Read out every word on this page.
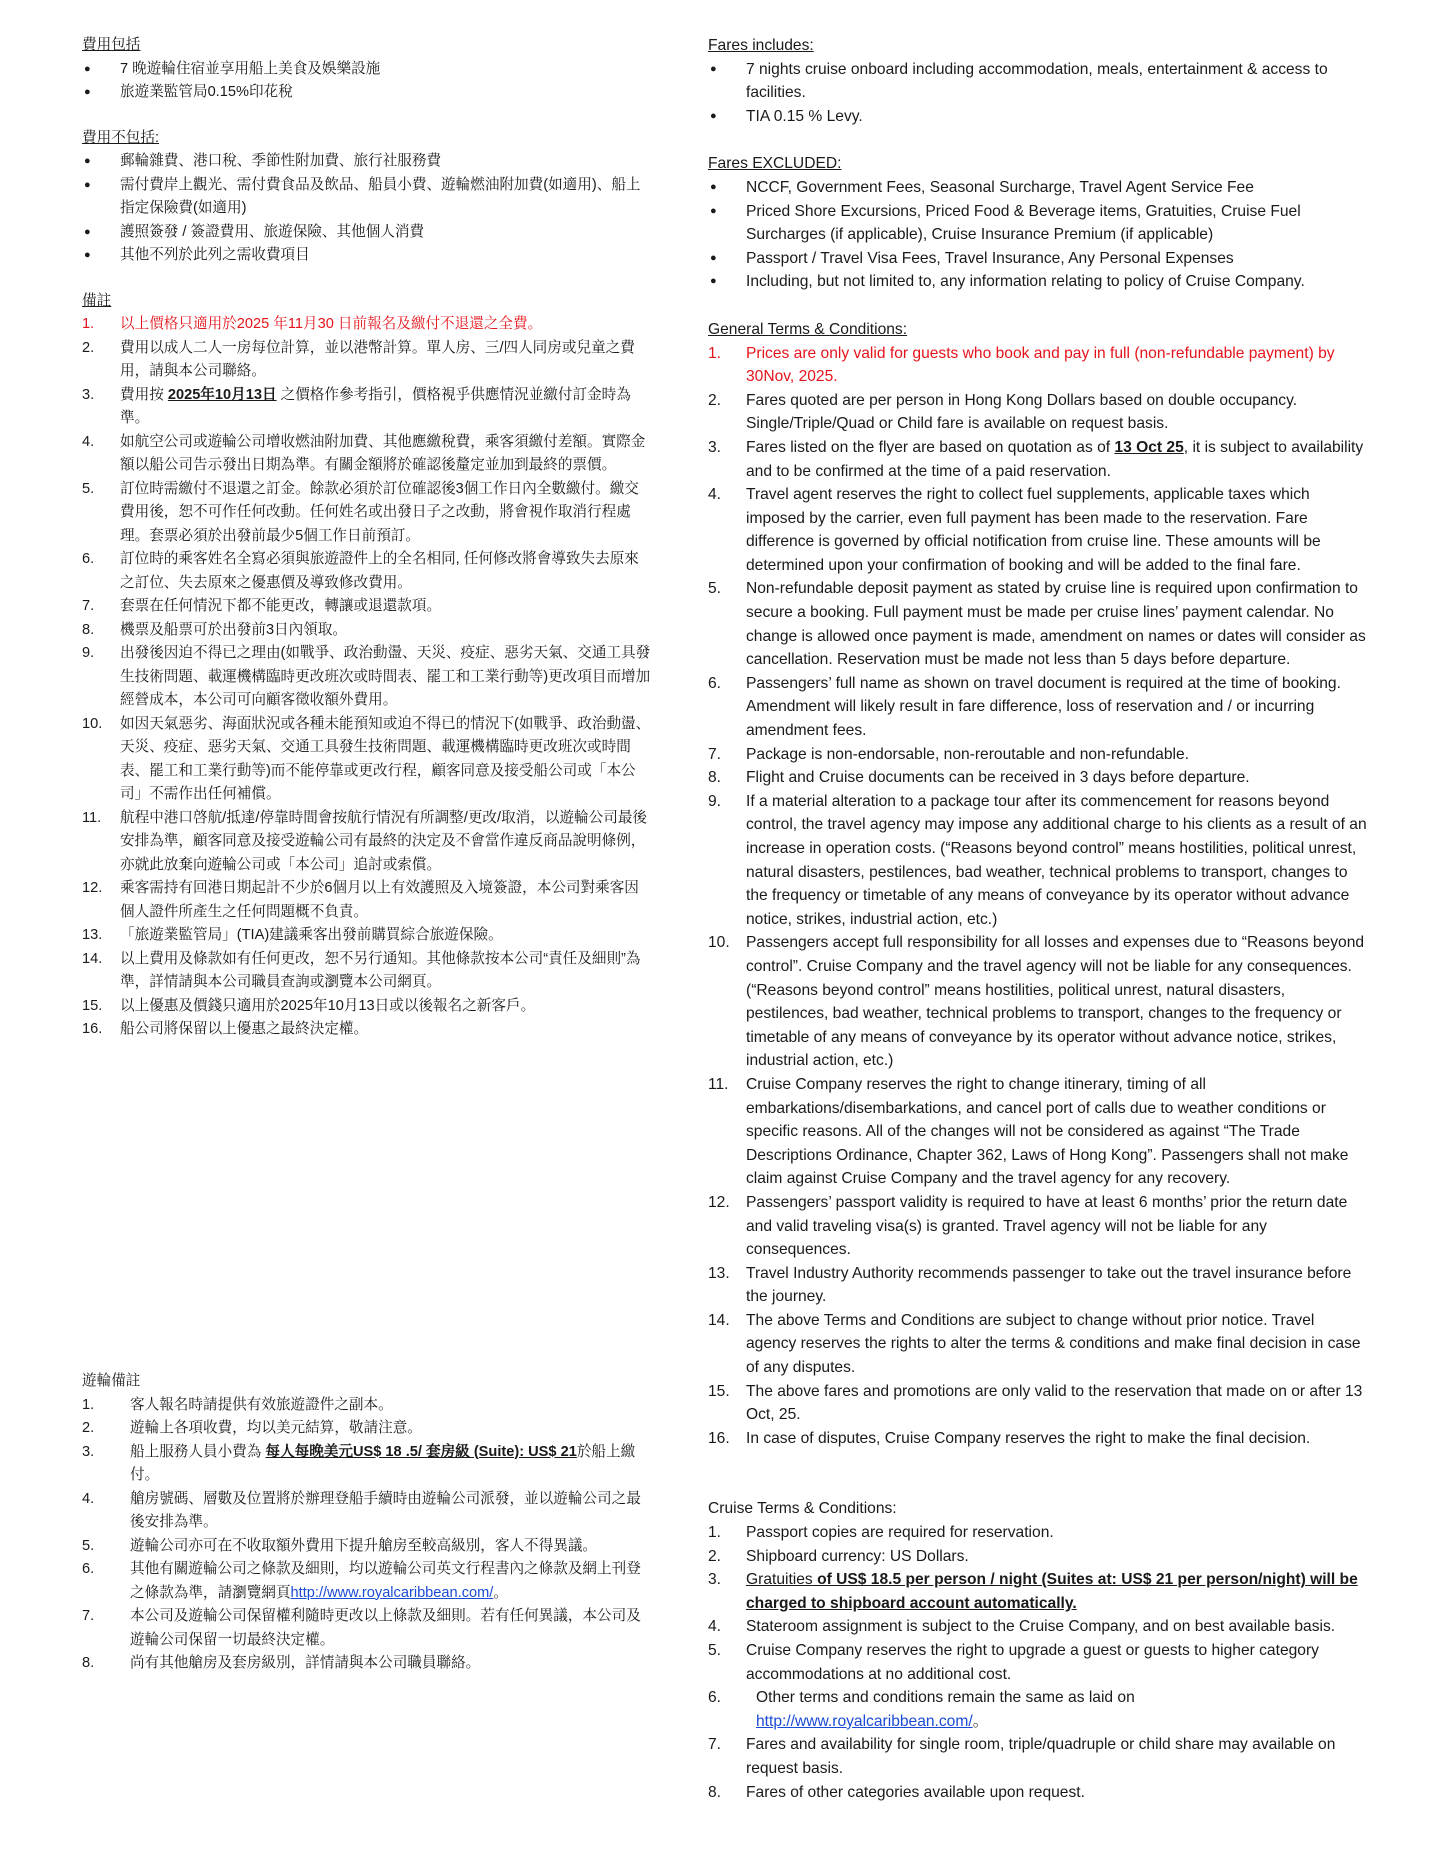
費用包括

● 7 晚遊輪住宿並享用船上美食及娛樂設施
● 旅遊業監管局0.15%印花稅

費用不包括:

● 郵輪雜費、港口稅、季節性附加費、旅行社服務費
● 需付費岸上觀光、需付費食品及飲品、船員小費、遊輪燃油附加費(如適用)、船上指定保險費(如適用)
● 護照簽發 / 簽證費用、旅遊保險、其他個人消費
● 其他不列於此列之需收費項目

備註

1.	以上價格只適用於2025 年11月30 日前報名及繳付不退還之全費。
2.	費用以成人二人一房每位計算，並以港幣計算。單人房、三/四人同房或兒童之費用，請與本公司聯絡。
3.	費用按 2025年10月13日 之價格作參考指引，價格視乎供應情況並繳付訂金時為準。
4.	如航空公司或遊輪公司增收燃油附加費、其他應繳稅費，乘客須繳付差額。實際金額以船公司告示發出日期為準。有關金額將於確認後釐定並加到最終的票價。
5.	訂位時需繳付不退還之訂金。餘款必須於訂位確認後3個工作日內全數繳付。繳交費用後，恕不可作任何改動。任何姓名或出發日子之改動，將會視作取消行程處理。套票必須於出發前最少5個工作日前預訂。
6.	訂位時的乘客姓名全寫必須與旅遊證件上的全名相同, 任何修改將會導致失去原來之訂位、失去原來之優惠價及導致修改費用。
7.	套票在任何情況下都不能更改，轉讓或退還款項。
8.	機票及船票可於出發前3日內領取。
9.	出發後因迫不得已之理由(如戰爭、政治動盪、天災、疫症、惡劣天氣、交通工具發生技術問題、載運機構臨時更改班次或時間表、罷工和工業行動等)更改項目而增加經營成本，本公司可向顧客徵收額外費用。
10.	如因天氣惡劣、海面狀況或各種未能預知或迫不得已的情況下(如戰爭、政治動盪、天災、疫症、惡劣天氣、交通工具發生技術問題、載運機構臨時更改班次或時間表、罷工和工業行動等)而不能停靠或更改行程，顧客同意及接受船公司或「本公司」不需作出任何補償。
11.	航程中港口啓航/抵達/停靠時間會按航行情況有所調整/更改/取消，以遊輪公司最後安排為準，顧客同意及接受遊輪公司有最終的決定及不會當作違反商品說明條例，亦就此放棄向遊輪公司或「本公司」追討或索償。
12.	乘客需持有回港日期起計不少於6個月以上有效護照及入境簽證，本公司對乘客因個人證件所產生之任何問題概不負責。
13.	「旅遊業監管局」(TIA)建議乘客出發前購買綜合旅遊保險。
14.	以上費用及條款如有任何更改，恕不另行通知。其他條款按本公司“責任及細則”為準，詳情請與本公司職員查詢或瀏覽本公司網頁。
15.	以上優惠及價錢只適用於2025年10月13日或以後報名之新客戶。
16.	船公司將保留以上優惠之最終決定權。

遊輪備註

1.	客人報名時請提供有效旅遊證件之副本。
2.	遊輪上各項收費，均以美元結算，敬請注意。
3.	船上服務人員小費為 每人每晚美元US$ 18 .5/ 套房級 (Suite): US$ 21於船上繳付。
4.	艙房號碼、層數及位置將於辦理登船手續時由遊輪公司派發，並以遊輪公司之最後安排為準。
5.	遊輪公司亦可在不收取額外費用下提升艙房至較高級別，客人不得異議。
6.	其他有關遊輪公司之條款及細則，均以遊輪公司英文行程書內之條款及網上刊登之條款為準，請瀏覽網頁http://www.royalcaribbean.com/。
7.	本公司及遊輪公司保留權利隨時更改以上條款及細則。若有任何異議，本公司及遊輪公司保留一切最終決定權。
8.	尚有其他艙房及套房級別，詳情請與本公司職員聯絡。

Fares includes:

● 7 nights cruise onboard including accommodation, meals, entertainment & access to facilities.
● TIA 0.15 % Levy.

Fares EXCLUDED:

● NCCF, Government Fees, Seasonal Surcharge, Travel Agent Service Fee
● Priced Shore Excursions, Priced Food & Beverage items, Gratuities, Cruise Fuel Surcharges (if applicable), Cruise Insurance Premium (if applicable)
● Passport / Travel Visa Fees, Travel Insurance, Any Personal Expenses
● Including, but not limited to, any information relating to policy of Cruise Company.

General Terms & Conditions:

1.	Prices are only valid for guests who book and pay in full (non-refundable payment) by 30Nov, 2025.
2.	Fares quoted are per person in Hong Kong Dollars based on double occupancy. Single/Triple/Quad or Child fare is available on request basis.
3.	Fares listed on the flyer are based on quotation as of 13 Oct 25, it is subject to availability and to be confirmed at the time of a paid reservation.
4.	Travel agent reserves the right to collect fuel supplements, applicable taxes which imposed by the carrier, even full payment has been made to the reservation. Fare difference is governed by official notification from cruise line. These amounts will be determined upon your confirmation of booking and will be added to the final fare.
5.	Non-refundable deposit payment as stated by cruise line is required upon confirmation to secure a booking. Full payment must be made per cruise lines’ payment calendar. No change is allowed once payment is made, amendment on names or dates will consider as cancellation. Reservation must be made not less than 5 days before departure.
6.	Passengers’ full name as shown on travel document is required at the time of booking. Amendment will likely result in fare difference, loss of reservation and / or incurring amendment fees.
7.	Package is non-endorsable, non-reroutable and non-refundable.
8.	Flight and Cruise documents can be received in 3 days before departure.
9.	If a material alteration to a package tour after its commencement for reasons beyond control, the travel agency may impose any additional charge to his clients as a result of an increase in operation costs. (“Reasons beyond control” means hostilities, political unrest, natural disasters, pestilences, bad weather, technical problems to transport, changes to the frequency or timetable of any means of conveyance by its operator without advance notice, strikes, industrial action, etc.)
10.	Passengers accept full responsibility for all losses and expenses due to “Reasons beyond control”. Cruise Company and the travel agency will not be liable for any consequences. (“Reasons beyond control” means hostilities, political unrest, natural disasters, pestilences, bad weather, technical problems to transport, changes to the frequency or timetable of any means of conveyance by its operator without advance notice, strikes, industrial action, etc.)
11.	Cruise Company reserves the right to change itinerary, timing of all embarkations/disembarkations, and cancel port of calls due to weather conditions or specific reasons. All of the changes will not be considered as against “The Trade Descriptions Ordinance, Chapter 362, Laws of Hong Kong”. Passengers shall not make claim against Cruise Company and the travel agency for any recovery.
12.	Passengers’ passport validity is required to have at least 6 months’ prior the return date and valid traveling visa(s) is granted. Travel agency will not be liable for any consequences.
13.	Travel Industry Authority recommends passenger to take out the travel insurance before the journey.
14.	The above Terms and Conditions are subject to change without prior notice. Travel agency reserves the rights to alter the terms & conditions and make final decision in case of any disputes.
15.	The above fares and promotions are only valid to the reservation that made on or after 13 Oct, 25.
16.	In case of disputes, Cruise Company reserves the right to make the final decision.

Cruise Terms & Conditions:

1.	Passport copies are required for reservation.
2.	Shipboard currency: US Dollars.
3.	Gratuities of US$ 18.5 per person / night (Suites at: US$ 21 per person/night) will be charged to shipboard account automatically.
4.	Stateroom assignment is subject to the Cruise Company, and on best available basis.
5.	Cruise Company reserves the right to upgrade a guest or guests to higher category accommodations at no additional cost.
6.	Other terms and conditions remain the same as laid on
http://www.royalcaribbean.com/。
7.	Fares and availability for single room, triple/quadruple or child share may available on request basis.
8.	Fares of other categories available upon request.
